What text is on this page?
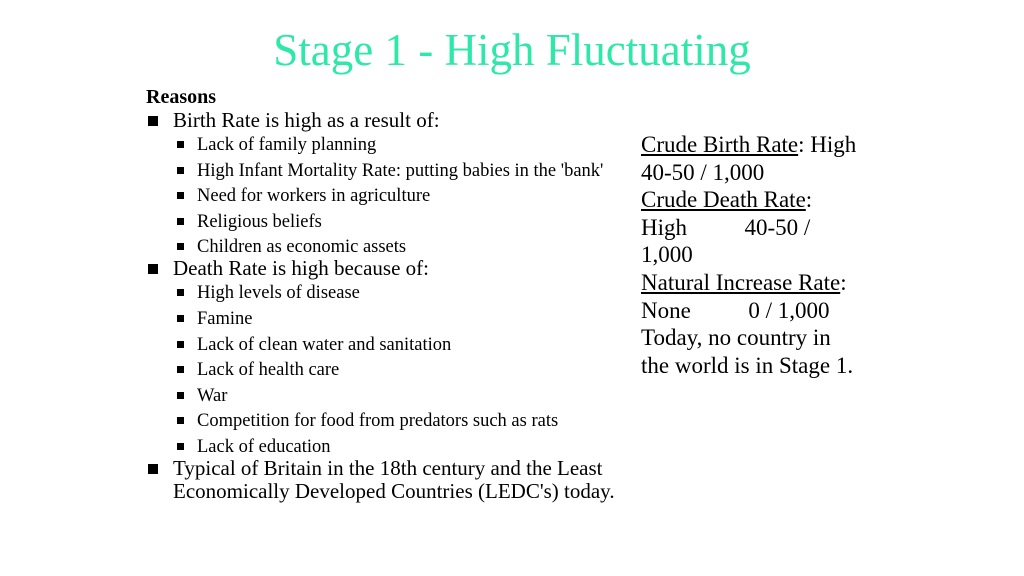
Stage 1 - High Fluctuating
Reasons
Birth Rate is high as a result of:
Lack of family planning
High Infant Mortality Rate: putting babies in the 'bank'
Need for workers in agriculture
Religious beliefs
Children as economic assets
Death Rate is high because of:
High levels of disease
Famine
Lack of clean water and sanitation
Lack of health care
War
Competition for food from predators such as rats
Lack of education
Typical of Britain in the 18th century and the Least Economically Developed Countries (LEDC's) today.
Crude Birth Rate: High
40-50 / 1,000
Crude Death Rate:
High          40-50 /
1,000
Natural Increase Rate:
None          0 / 1,000
Today, no country in
the world is in Stage 1.
